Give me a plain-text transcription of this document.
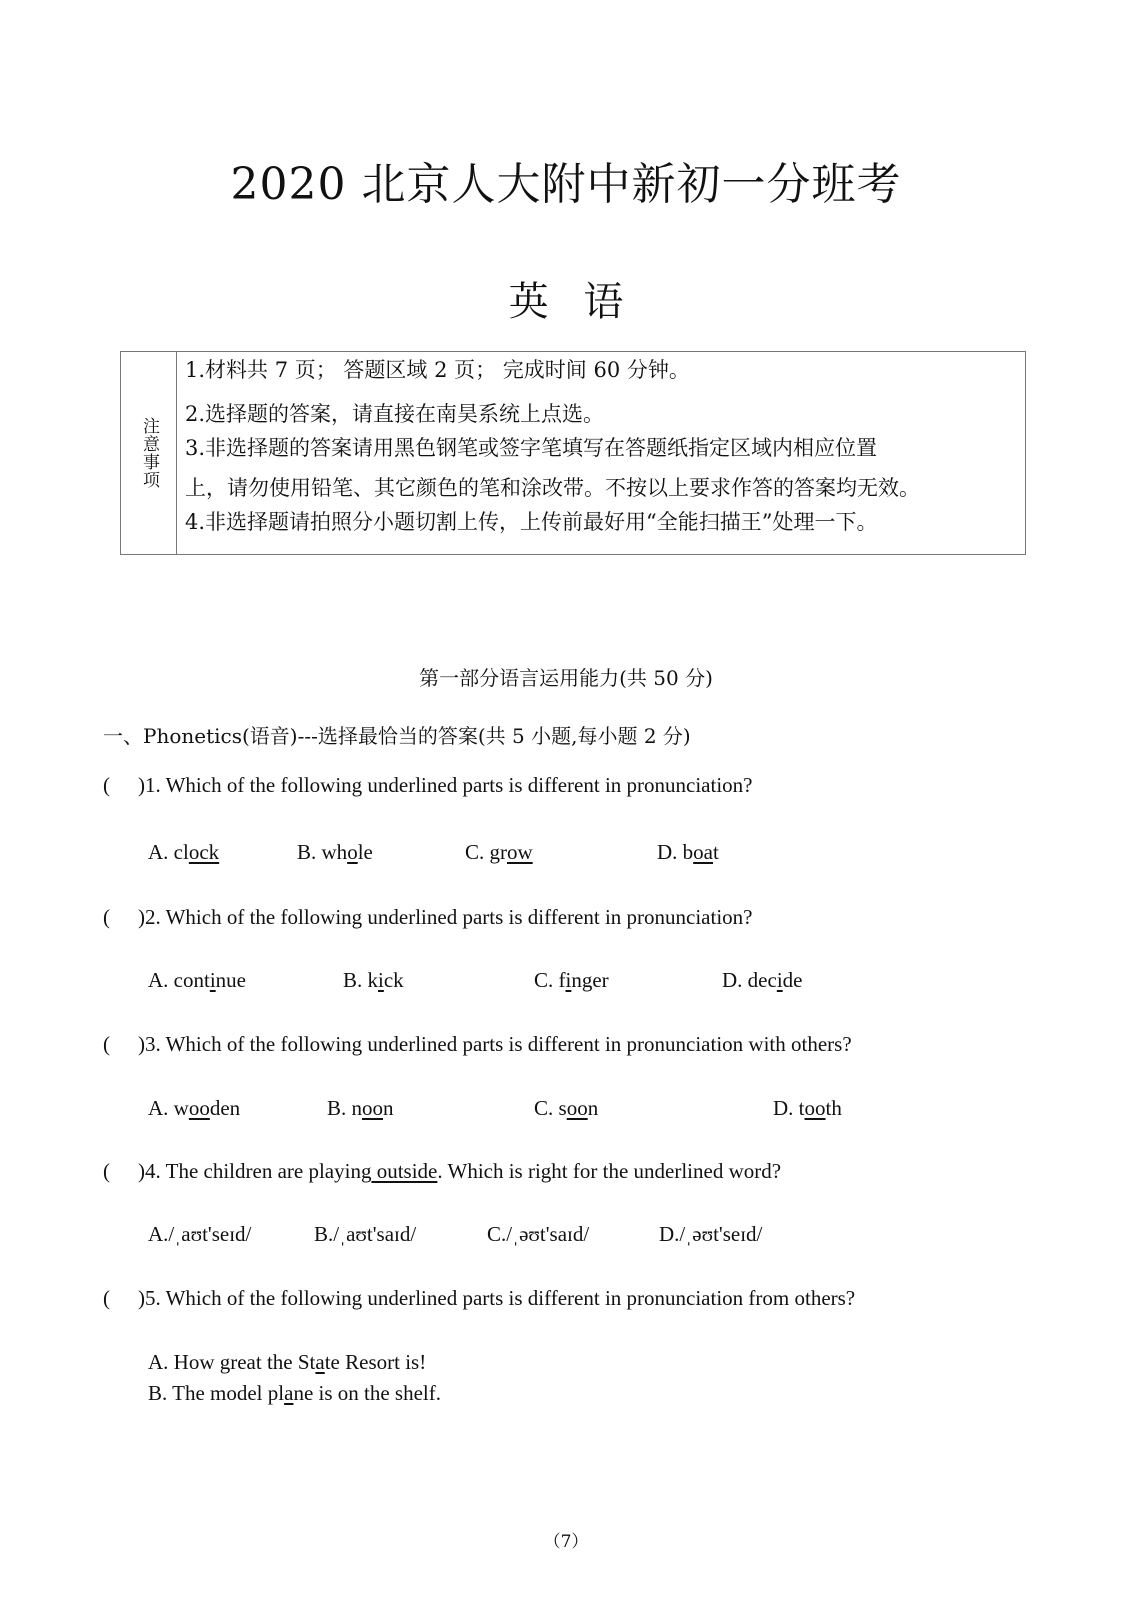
2020 北京人大附中新初一分班考
英 语
注意事项
1.材料共 7 页； 答题区域 2 页； 完成时间 60 分钟。
2.选择题的答案，请直接在南昊系统上点选。
3.非选择题的答案请用黑色钢笔或签字笔填写在答题纸指定区域内相应位置
上，请勿使用铅笔、其它颜色的笔和涂改带。不按以上要求作答的答案均无效。
4.非选择题请拍照分小题切割上传，上传前最好用“全能扫描王”处理一下。
第一部分语言运用能力(共 50 分)
一、Phonetics(语音)---选择最恰当的答案(共 5 小题,每小题 2 分)
( )1. Which of the following underlined parts is different in pronunciation?
A. clock	B. whole	C. grow	D. boat
( )2. Which of the following underlined parts is different in pronunciation?
A. continue	B. kick	C. finger	D. decide
( )3. Which of the following underlined parts is different in pronunciation with others?
A. wooden	B. noon	C. soon	D. tooth
( )4. The children are playing outside. Which is right for the underlined word?
A./ˌaʊt'seɪd/	B./ˌaʊt'saɪd/	C./ˌəʊt'saɪd/	D./ˌəʊt'seɪd/
( )5. Which of the following underlined parts is different in pronunciation from others?
A. How great the State Resort is!
B. The model plane is on the shelf.
（7）
